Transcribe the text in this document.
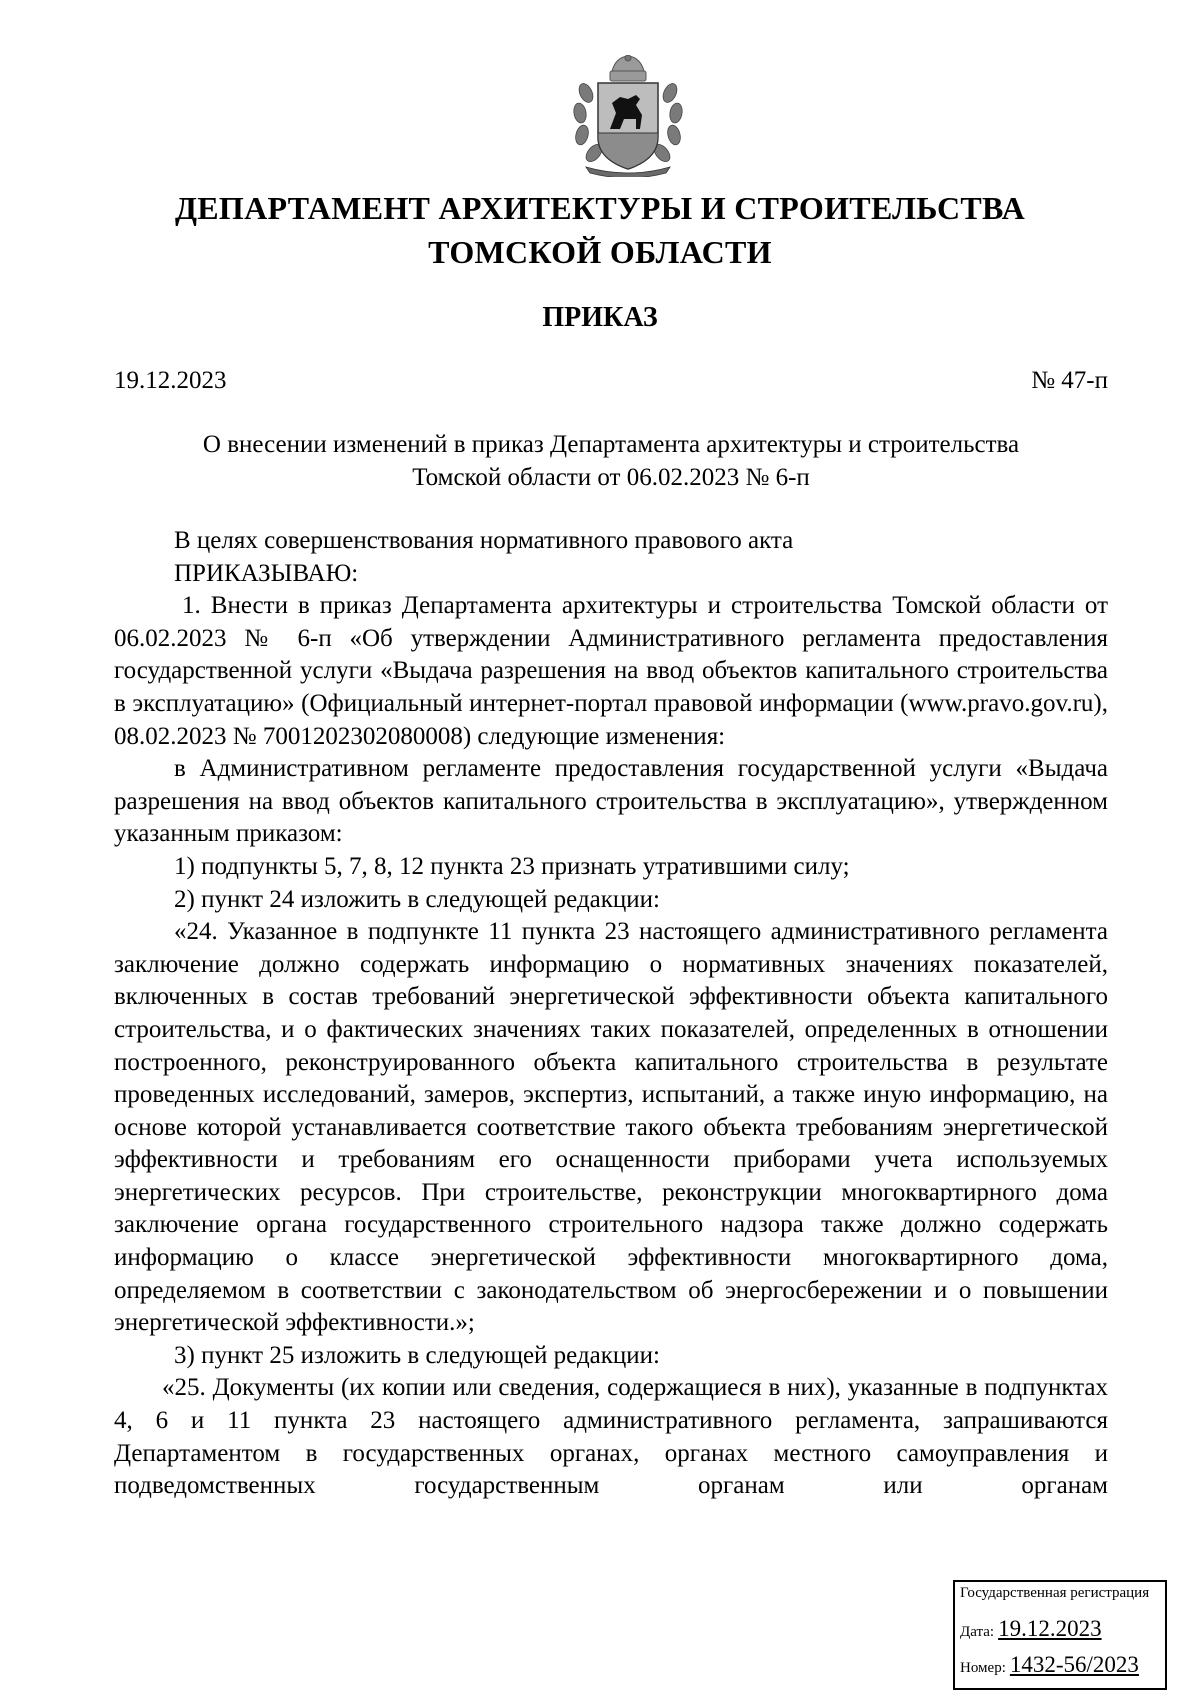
ДЕПАРТАМЕНТ АРХИТЕКТУРЫ И СТРОИТЕЛЬСТВА
ТОМСКОЙ ОБЛАСТИ
ПРИКАЗ
19.12.2023	№ 47-п

О внесении изменений в приказ Департамента архитектуры и строительства

Томской области от 06.02.2023 № 6-п

В целях совершенствования нормативного правового акта

ПРИКАЗЫВАЮ:

1. Внести в приказ Департамента архитектуры и строительства Томской области от 06.02.2023 № 6-п «Об утверждении Административного регламента предоставления государственной услуги «Выдача разрешения на ввод объектов капитального строительства в эксплуатацию» (Официальный интернет-портал правовой информации (www.pravo.gov.ru), 08.02.2023 № 7001202302080008) следующие изменения:

в Административном регламенте предоставления государственной услуги «Выдача разрешения на ввод объектов капитального строительства в эксплуатацию», утвержденном указанным приказом:

1) подпункты 5, 7, 8, 12 пункта 23 признать утратившими силу;

2) пункт 24 изложить в следующей редакции:

«24. Указанное в подпункте 11 пункта 23 настоящего административного регламента заключение должно содержать информацию о нормативных значениях показателей, включенных в состав требований энергетической эффективности объекта капитального строительства, и о фактических значениях таких показателей, определенных в отношении построенного, реконструированного объекта капитального строительства в результате проведенных исследований, замеров, экспертиз, испытаний, а также иную информацию, на основе которой устанавливается соответствие такого объекта требованиям энергетической эффективности и требованиям его оснащенности приборами учета используемых энергетических ресурсов. При строительстве, реконструкции многоквартирного дома заключение органа государственного строительного надзора также должно содержать информацию о классе энергетической эффективности многоквартирного дома, определяемом в соответствии с законодательством об энергосбережении и о повышении энергетической эффективности.»;

3) пункт 25 изложить в следующей редакции:

«25. Документы (их копии или сведения, содержащиеся в них), указанные в подпунктах 4, 6 и 11 пункта 23 настоящего административного регламента, запрашиваются Департаментом в государственных органах, органах местного самоуправления и подведомственных государственным органам или органам

Государственная регистрация
Дата: 19.12.2023
Номер: 1432-56/2023
